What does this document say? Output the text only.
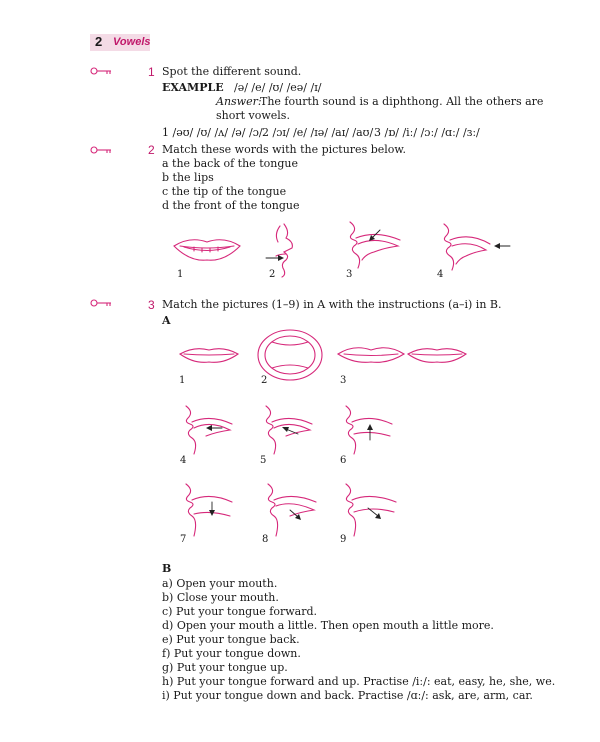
2 Vowels
1 Spot the different sound.
EXAMPLE /ə/ /e/ /ʊ/ /eə/ /ɪ/
Answer:
The fourth sound is a diphthong. All the others are
short vowels.
1 /əʊ/ /ʊ/ /ʌ/ /ə/ /ɔ/ 2 /ɔɪ/ /e/ /ɪə/ /aɪ/ /aʊ/ 3 /ɒ/ /iː/ /ɔː/ /ɑː/ /ɜː/
2 Match these words with the pictures below.
a the back of the tongue
b the lips
c the tip of the tongue
d the front of the tongue
1	2	3	4
3 Match the pictures (1–9) in A with the instructions (a–i) in B.
A
1	2	3
4	5	6
7	8	9
B
a) Open your mouth.
b) Close your mouth.
c) Put your tongue forward.
d) Open your mouth a little. Then open mouth a little more.
e) Put your tongue back.
f) Put your tongue down.
g) Put your tongue up.
h) Put your tongue forward and up. Practise /iː/: eat, easy, he, she, we.
i) Put your tongue down and back. Practise /ɑː/: ask, are, arm, car.
